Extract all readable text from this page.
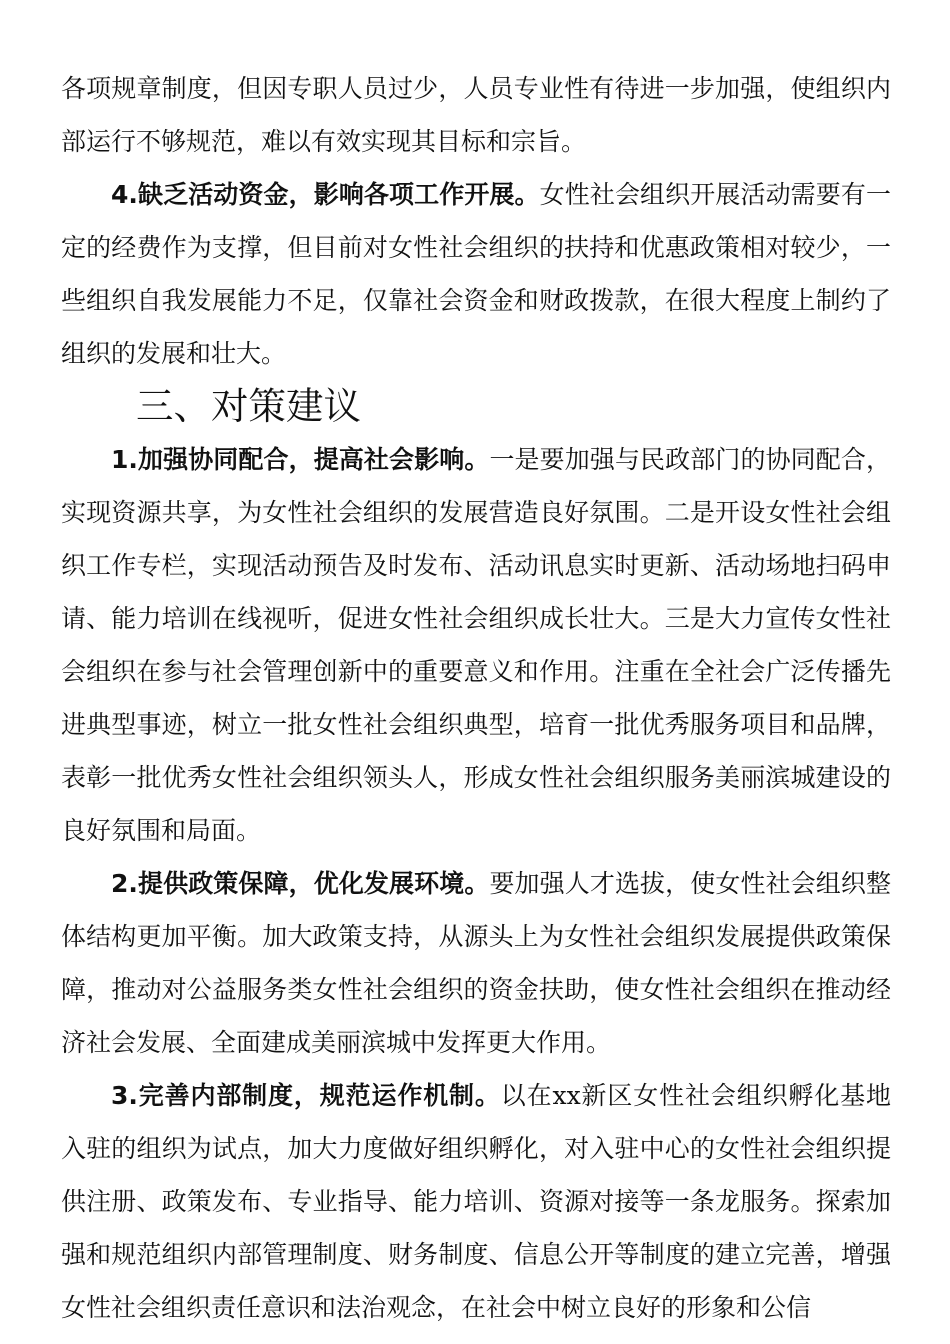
各项规章制度，但因专职人员过少，人员专业性有待进一步加强，使组织内部运行不够规范，难以有效实现其目标和宗旨。

4.缺乏活动资金，影响各项工作开展。女性社会组织开展活动需要有一定的经费作为支撑，但目前对女性社会组织的扶持和优惠政策相对较少，一些组织自我发展能力不足，仅靠社会资金和财政拨款，在很大程度上制约了组织的发展和壮大。

三、对策建议

1.加强协同配合，提高社会影响。一是要加强与民政部门的协同配合，实现资源共享，为女性社会组织的发展营造良好氛围。二是开设女性社会组织工作专栏，实现活动预告及时发布、活动讯息实时更新、活动场地扫码申请、能力培训在线视听，促进女性社会组织成长壮大。三是大力宣传女性社会组织在参与社会管理创新中的重要意义和作用。注重在全社会广泛传播先进典型事迹，树立一批女性社会组织典型，培育一批优秀服务项目和品牌，表彰一批优秀女性社会组织领头人，形成女性社会组织服务美丽滨城建设的良好氛围和局面。

2.提供政策保障，优化发展环境。要加强人才选拔，使女性社会组织整体结构更加平衡。加大政策支持，从源头上为女性社会组织发展提供政策保障，推动对公益服务类女性社会组织的资金扶助，使女性社会组织在推动经济社会发展、全面建成美丽滨城中发挥更大作用。

3.完善内部制度，规范运作机制。以在xx新区女性社会组织孵化基地入驻的组织为试点，加大力度做好组织孵化，对入驻中心的女性社会组织提供注册、政策发布、专业指导、能力培训、资源对接等一条龙服务。探索加强和规范组织内部管理制度、财务制度、信息公开等制度的建立完善，增强女性社会组织责任意识和法治观念，在社会中树立良好的形象和公信
